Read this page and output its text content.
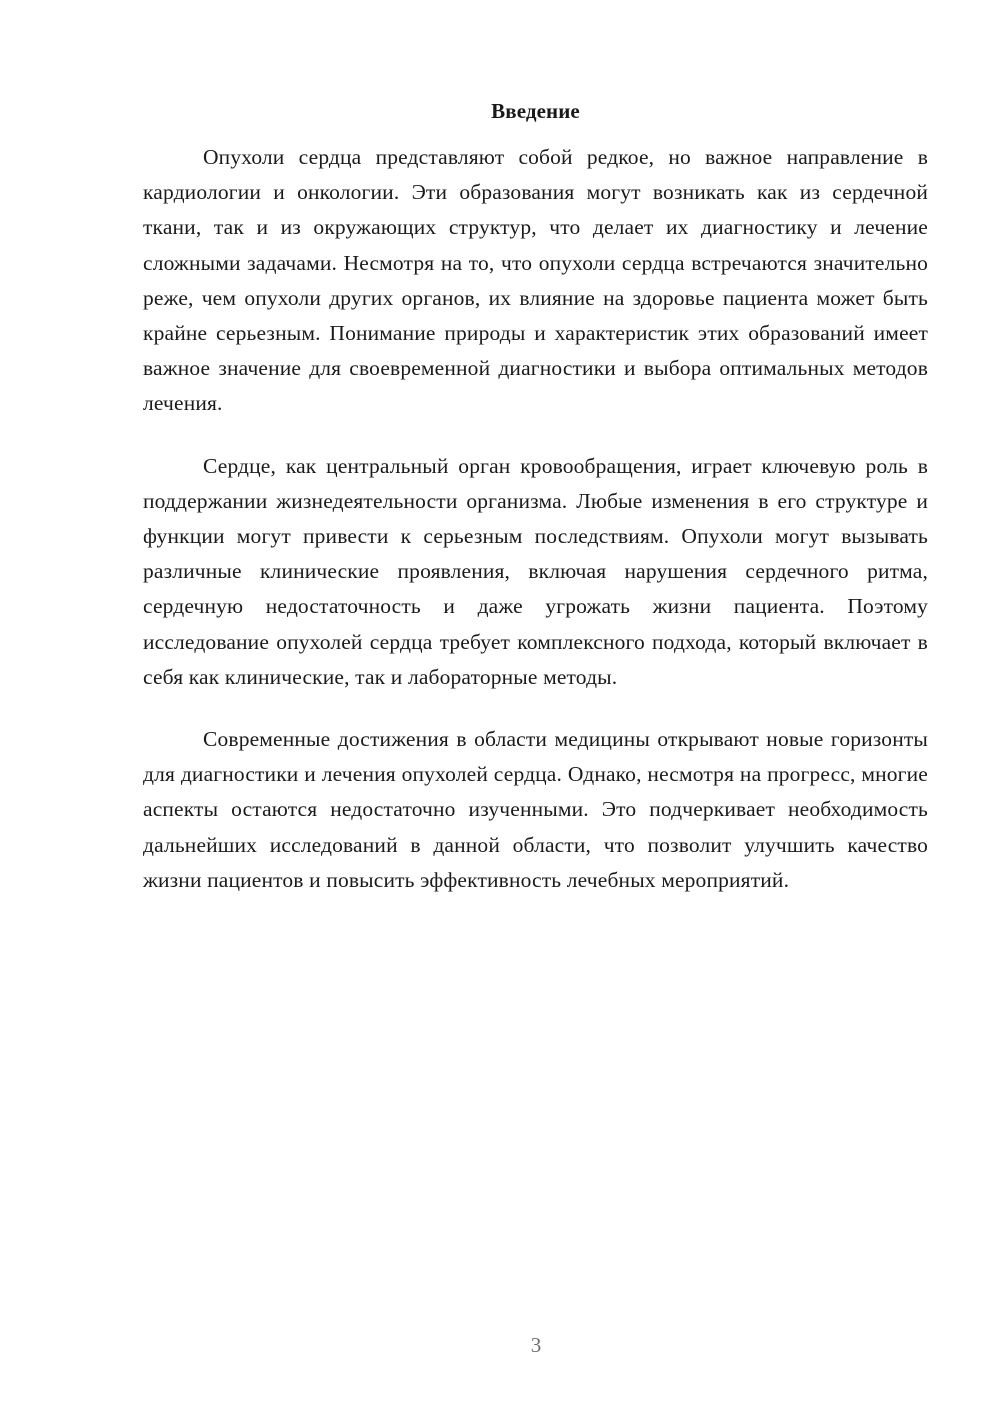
Введение

Опухоли сердца представляют собой редкое, но важное направление в кардиологии и онкологии. Эти образования могут возникать как из сердечной ткани, так и из окружающих структур, что делает их диагностику и лечение сложными задачами. Несмотря на то, что опухоли сердца встречаются значительно реже, чем опухоли других органов, их влияние на здоровье пациента может быть крайне серьезным. Понимание природы и характеристик этих образований имеет важное значение для своевременной диагностики и выбора оптимальных методов лечения.

Сердце, как центральный орган кровообращения, играет ключевую роль в поддержании жизнедеятельности организма. Любые изменения в его структуре и функции могут привести к серьезным последствиям. Опухоли могут вызывать различные клинические проявления, включая нарушения сердечного ритма, сердечную недостаточность и даже угрожать жизни пациента. Поэтому исследование опухолей сердца требует комплексного подхода, который включает в себя как клинические, так и лабораторные методы.

Современные достижения в области медицины открывают новые горизонты для диагностики и лечения опухолей сердца. Однако, несмотря на прогресс, многие аспекты остаются недостаточно изученными. Это подчеркивает необходимость дальнейших исследований в данной области, что позволит улучшить качество жизни пациентов и повысить эффективность лечебных мероприятий.

3
